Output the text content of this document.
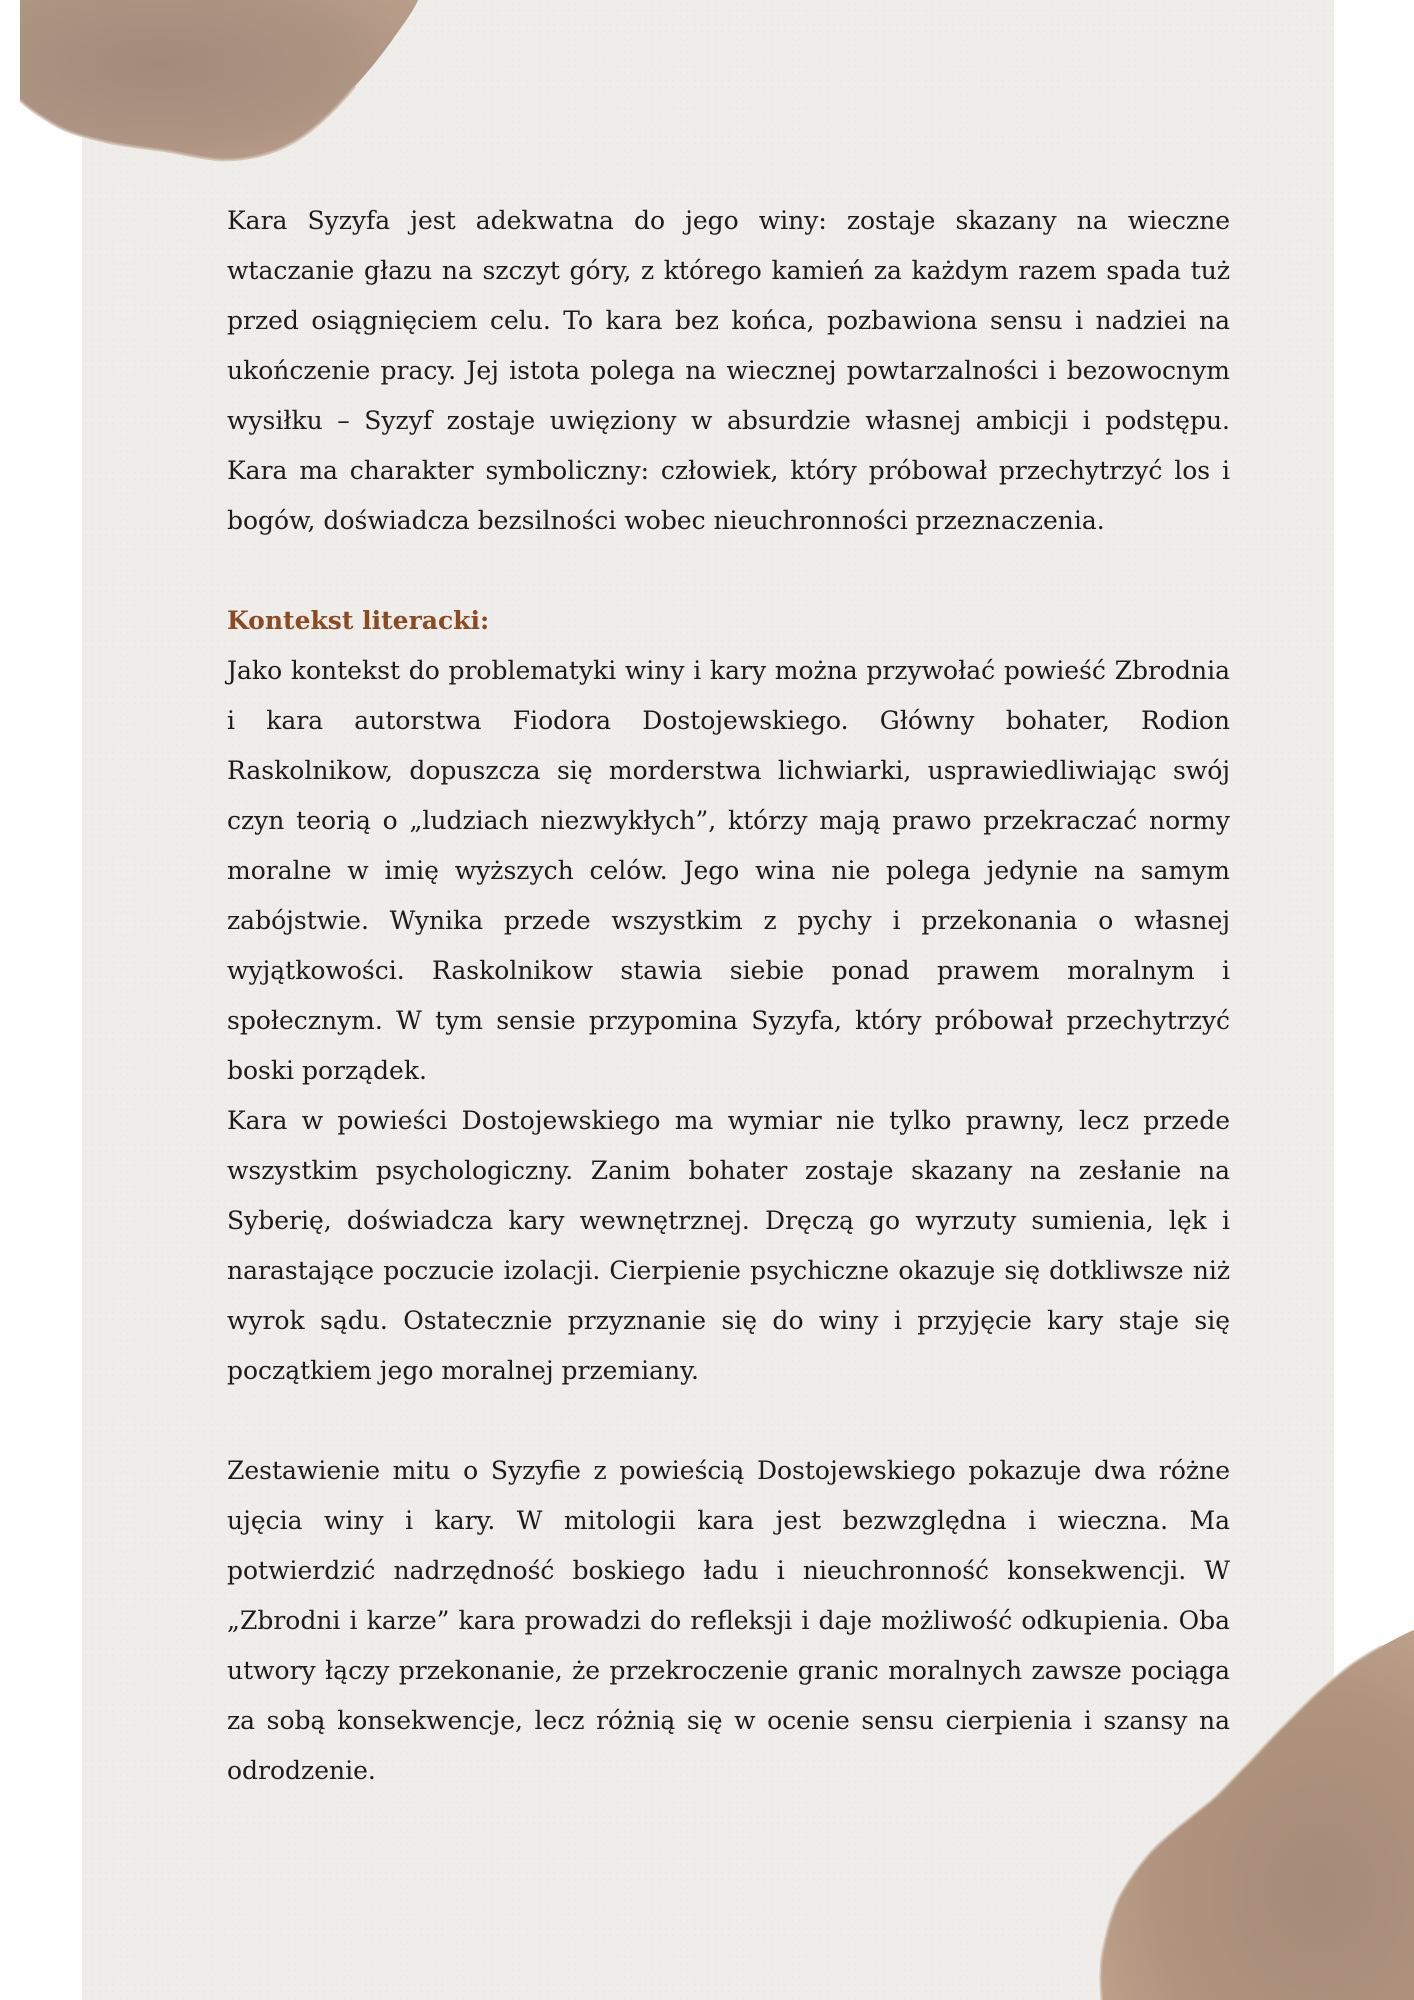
Kara Syzyfa jest adekwatna do jego winy: zostaje skazany na wieczne wtaczanie głazu na szczyt góry, z którego kamień za każdym razem spada tuż przed osiągnięciem celu. To kara bez końca, pozbawiona sensu i nadziei na ukończenie pracy. Jej istota polega na wiecznej powtarzalności i bezowocnym wysiłku – Syzyf zostaje uwięziony w absurdzie własnej ambicji i podstępu. Kara ma charakter symboliczny: człowiek, który próbował przechytrzyć los i bogów, doświadcza bezsilności wobec nieuchronności przeznaczenia.

Kontekst literacki:

Jako kontekst do problematyki winy i kary można przywołać powieść Zbrodnia i kara autorstwa Fiodora Dostojewskiego. Główny bohater, Rodion Raskolnikow, dopuszcza się morderstwa lichwiarki, usprawiedliwiając swój czyn teorią o „ludziach niezwykłych”, którzy mają prawo przekraczać normy moralne w imię wyższych celów. Jego wina nie polega jedynie na samym zabójstwie. Wynika przede wszystkim z pychy i przekonania o własnej wyjątkowości. Raskolnikow stawia siebie ponad prawem moralnym i społecznym. W tym sensie przypomina Syzyfa, który próbował przechytrzyć boski porządek.

Kara w powieści Dostojewskiego ma wymiar nie tylko prawny, lecz przede wszystkim psychologiczny. Zanim bohater zostaje skazany na zesłanie na Syberię, doświadcza kary wewnętrznej. Dręczą go wyrzuty sumienia, lęk i narastające poczucie izolacji. Cierpienie psychiczne okazuje się dotkliwsze niż wyrok sądu. Ostatecznie przyznanie się do winy i przyjęcie kary staje się początkiem jego moralnej przemiany.

Zestawienie mitu o Syzyfie z powieścią Dostojewskiego pokazuje dwa różne ujęcia winy i kary. W mitologii kara jest bezwzględna i wieczna. Ma potwierdzić nadrzędność boskiego ładu i nieuchronność konsekwencji. W „Zbrodni i karze” kara prowadzi do refleksji i daje możliwość odkupienia. Oba utwory łączy przekonanie, że przekroczenie granic moralnych zawsze pociąga za sobą konsekwencje, lecz różnią się w ocenie sensu cierpienia i szansy na odrodzenie.
